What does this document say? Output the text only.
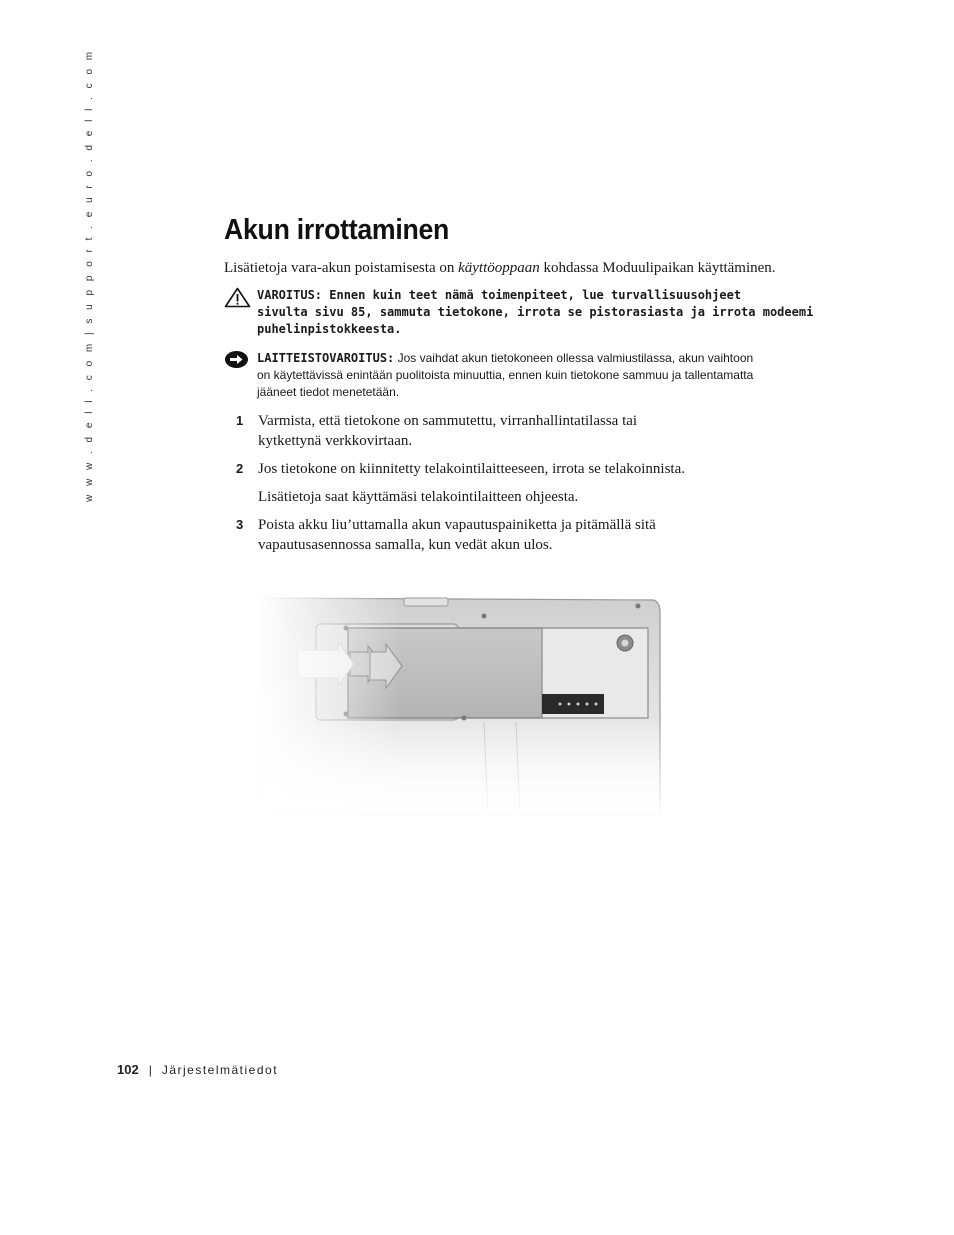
w w w . d e l l . c o m | s u p p o r t . e u r o . d e l l . c o m	Akun irrottaminen

Lisätietoja vara-akun poistamisesta on käyttöoppaan kohdassa Moduulipaikan käyttäminen.

VAROITUS: Ennen kuin teet nämä toimenpiteet, lue turvallisuusohjeet

sivulta sivu 85, sammuta tietokone, irrota se pistorasiasta ja irrota modeemi

puhelinpistokkeesta.

LAITTEISTOVAROITUS: Jos vaihdat akun tietokoneen ollessa valmiustilassa, akun vaihtoon

on käytettävissä enintään puolitoista minuuttia, ennen kuin tietokone sammuu ja tallentamatta

jääneet tiedot menetetään.

1 Varmista, että tietokone on sammutettu, virranhallintatilassa tai

kytkettynä verkkovirtaan.

2 Jos tietokone on kiinnitetty telakointilaitteeseen, irrota se telakoinnista.

Lisätietoja saat käyttämäsi telakointilaitteen ohjeesta.

3 Poista akku liu’uttamalla akun vapautuspainiketta ja pitämällä sitä

vapautusasennossa samalla, kun vedät akun ulos.

102 | Järjestelmätiedot
